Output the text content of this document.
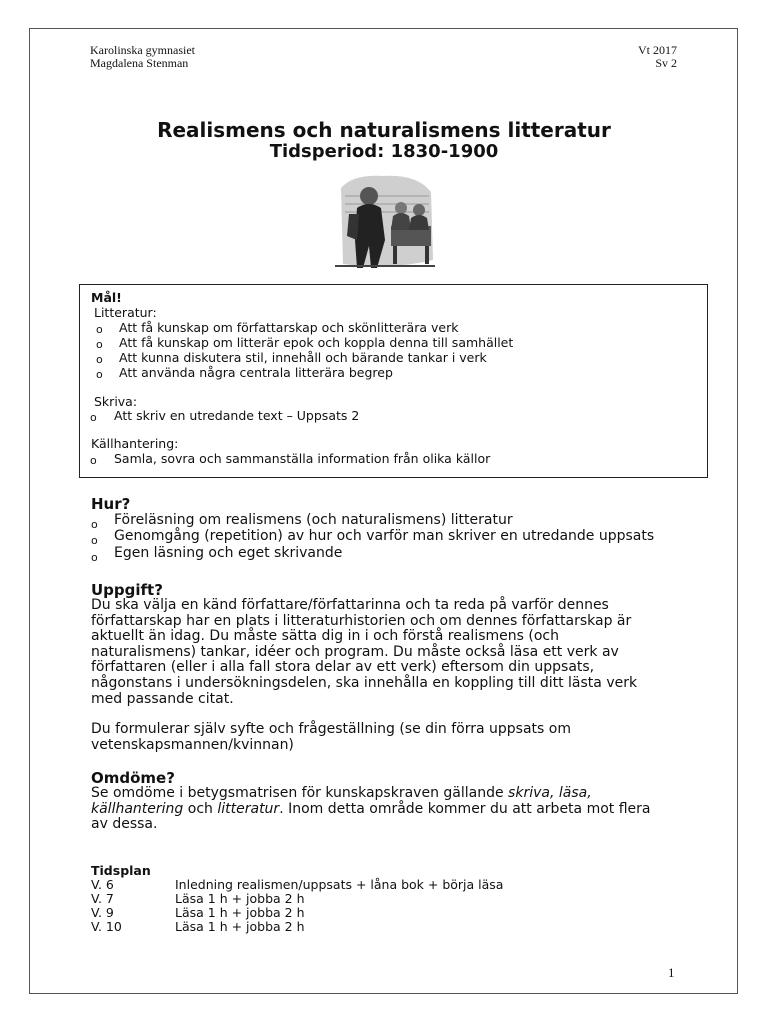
Karolinska gymnasiet
Magdalena Stenman
Vt 2017
Sv 2
Realismens och naturalismens litteratur
Tidsperiod: 1830-1900
Mål!
Litteratur:
o Att få kunskap om författarskap och skönlitterära verk
o Att få kunskap om litterär epok och koppla denna till samhället
o Att kunna diskutera stil, innehåll och bärande tankar i verk
o Att använda några centrala litterära begrep
Skriva:
o Att skriv en utredande text – Uppsats 2
Källhantering:
o Samla, sovra och sammanställa information från olika källor
Hur?
o Föreläsning om realismens (och naturalismens) litteratur
o Genomgång (repetition) av hur och varför man skriver en utredande uppsats
o Egen läsning och eget skrivande
Uppgift?
Du ska välja en känd författare/författarinna och ta reda på varför dennes
författarskap har en plats i litteraturhistorien och om dennes författarskap är
aktuellt än idag. Du måste sätta dig in i och förstå realismens (och
naturalismens) tankar, idéer och program. Du måste också läsa ett verk av
författaren (eller i alla fall stora delar av ett verk) eftersom din uppsats,
någonstans i undersökningsdelen, ska innehålla en koppling till ditt lästa verk
med passande citat.
Du formulerar själv syfte och frågeställning (se din förra uppsats om
vetenskapsmannen/kvinnan)
Omdöme?
Se omdöme i betygsmatrisen för kunskapskraven gällande skriva, läsa,
källhantering och litteratur. Inom detta område kommer du att arbeta mot flera
av dessa.
Tidsplan
V. 6	Inledning realismen/uppsats + låna bok + börja läsa
V. 7	Läsa 1 h + jobba 2 h
V. 9	Läsa 1 h + jobba 2 h
V. 10	Läsa 1 h + jobba 2 h
1
